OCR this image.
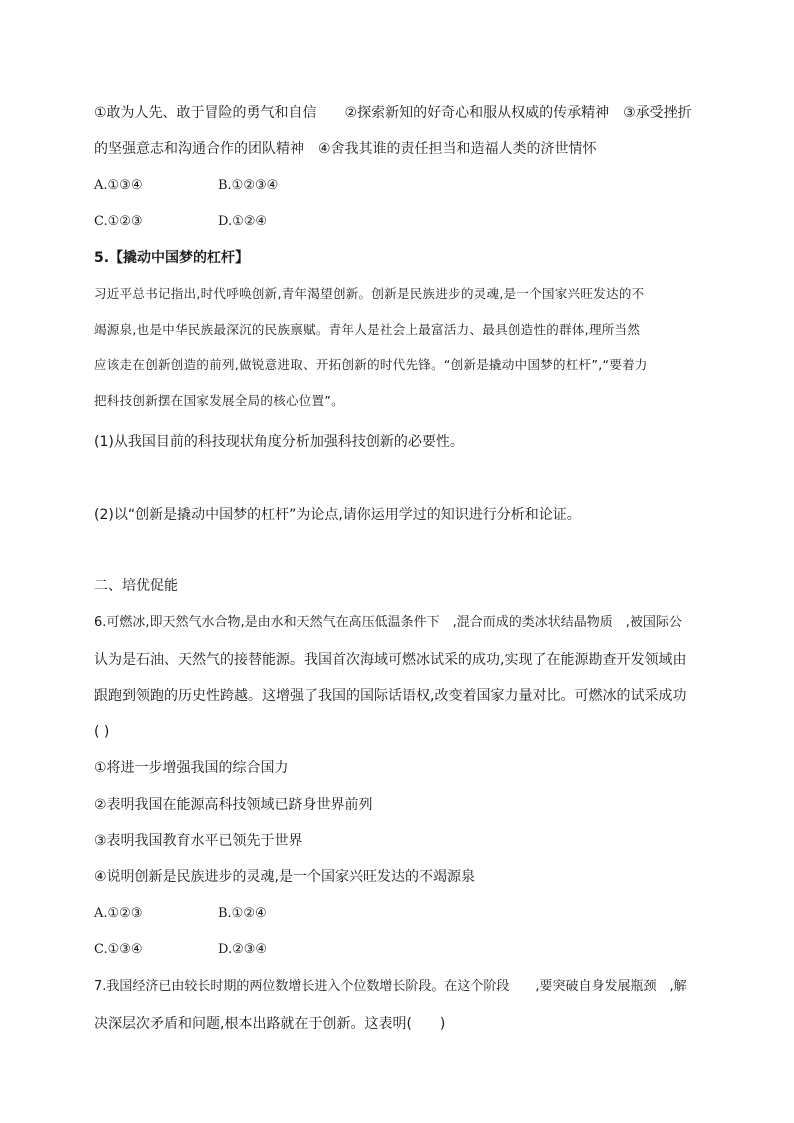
①敢为人先、敢于冒险的勇气和自信　　②探索新知的好奇心和服从权威的传承精神　③承受挫折
的坚强意志和沟通合作的团队精神　④舍我其谁的责任担当和造福人类的济世情怀
A.①③④	B.①②③④
C.①②③	D.①②④
5.【撬动中国梦的杠杆】
习近平总书记指出,时代呼唤创新,青年渴望创新。创新是民族进步的灵魂,是一个国家兴旺发达的不
竭源泉,也是中华民族最深沉的民族禀赋。青年人是社会上最富活力、最具创造性的群体,理所当然
应该走在创新创造的前列,做锐意进取、开拓创新的时代先锋。“创新是撬动中国梦的杠杆”,“要着力
把科技创新摆在国家发展全局的核心位置”。
(1)从我国目前的科技现状角度分析加强科技创新的必要性。
(2)以“创新是撬动中国梦的杠杆”为论点,请你运用学过的知识进行分析和论证。
二、培优促能
6.可燃冰,即天然气水合物,是由水和天然气在高压低温条件下　,混合而成的类冰状结晶物质　,被国际公
认为是石油、天然气的接替能源。我国首次海域可燃冰试采的成功,实现了在能源勘查开发领域由
跟跑到领跑的历史性跨越。这增强了我国的国际话语权,改变着国家力量对比。可燃冰的试采成功
( )
①将进一步增强我国的综合国力
②表明我国在能源高科技领域已跻身世界前列
③表明我国教育水平已领先于世界
④说明创新是民族进步的灵魂,是一个国家兴旺发达的不竭源泉
A.①②③	B.①②④
C.①③④	D.②③④
7.我国经济已由较长时期的两位数增长进入个位数增长阶段。在这个阶段　　,要突破自身发展瓶颈　,解
决深层次矛盾和问题,根本出路就在于创新。这表明(　　)
